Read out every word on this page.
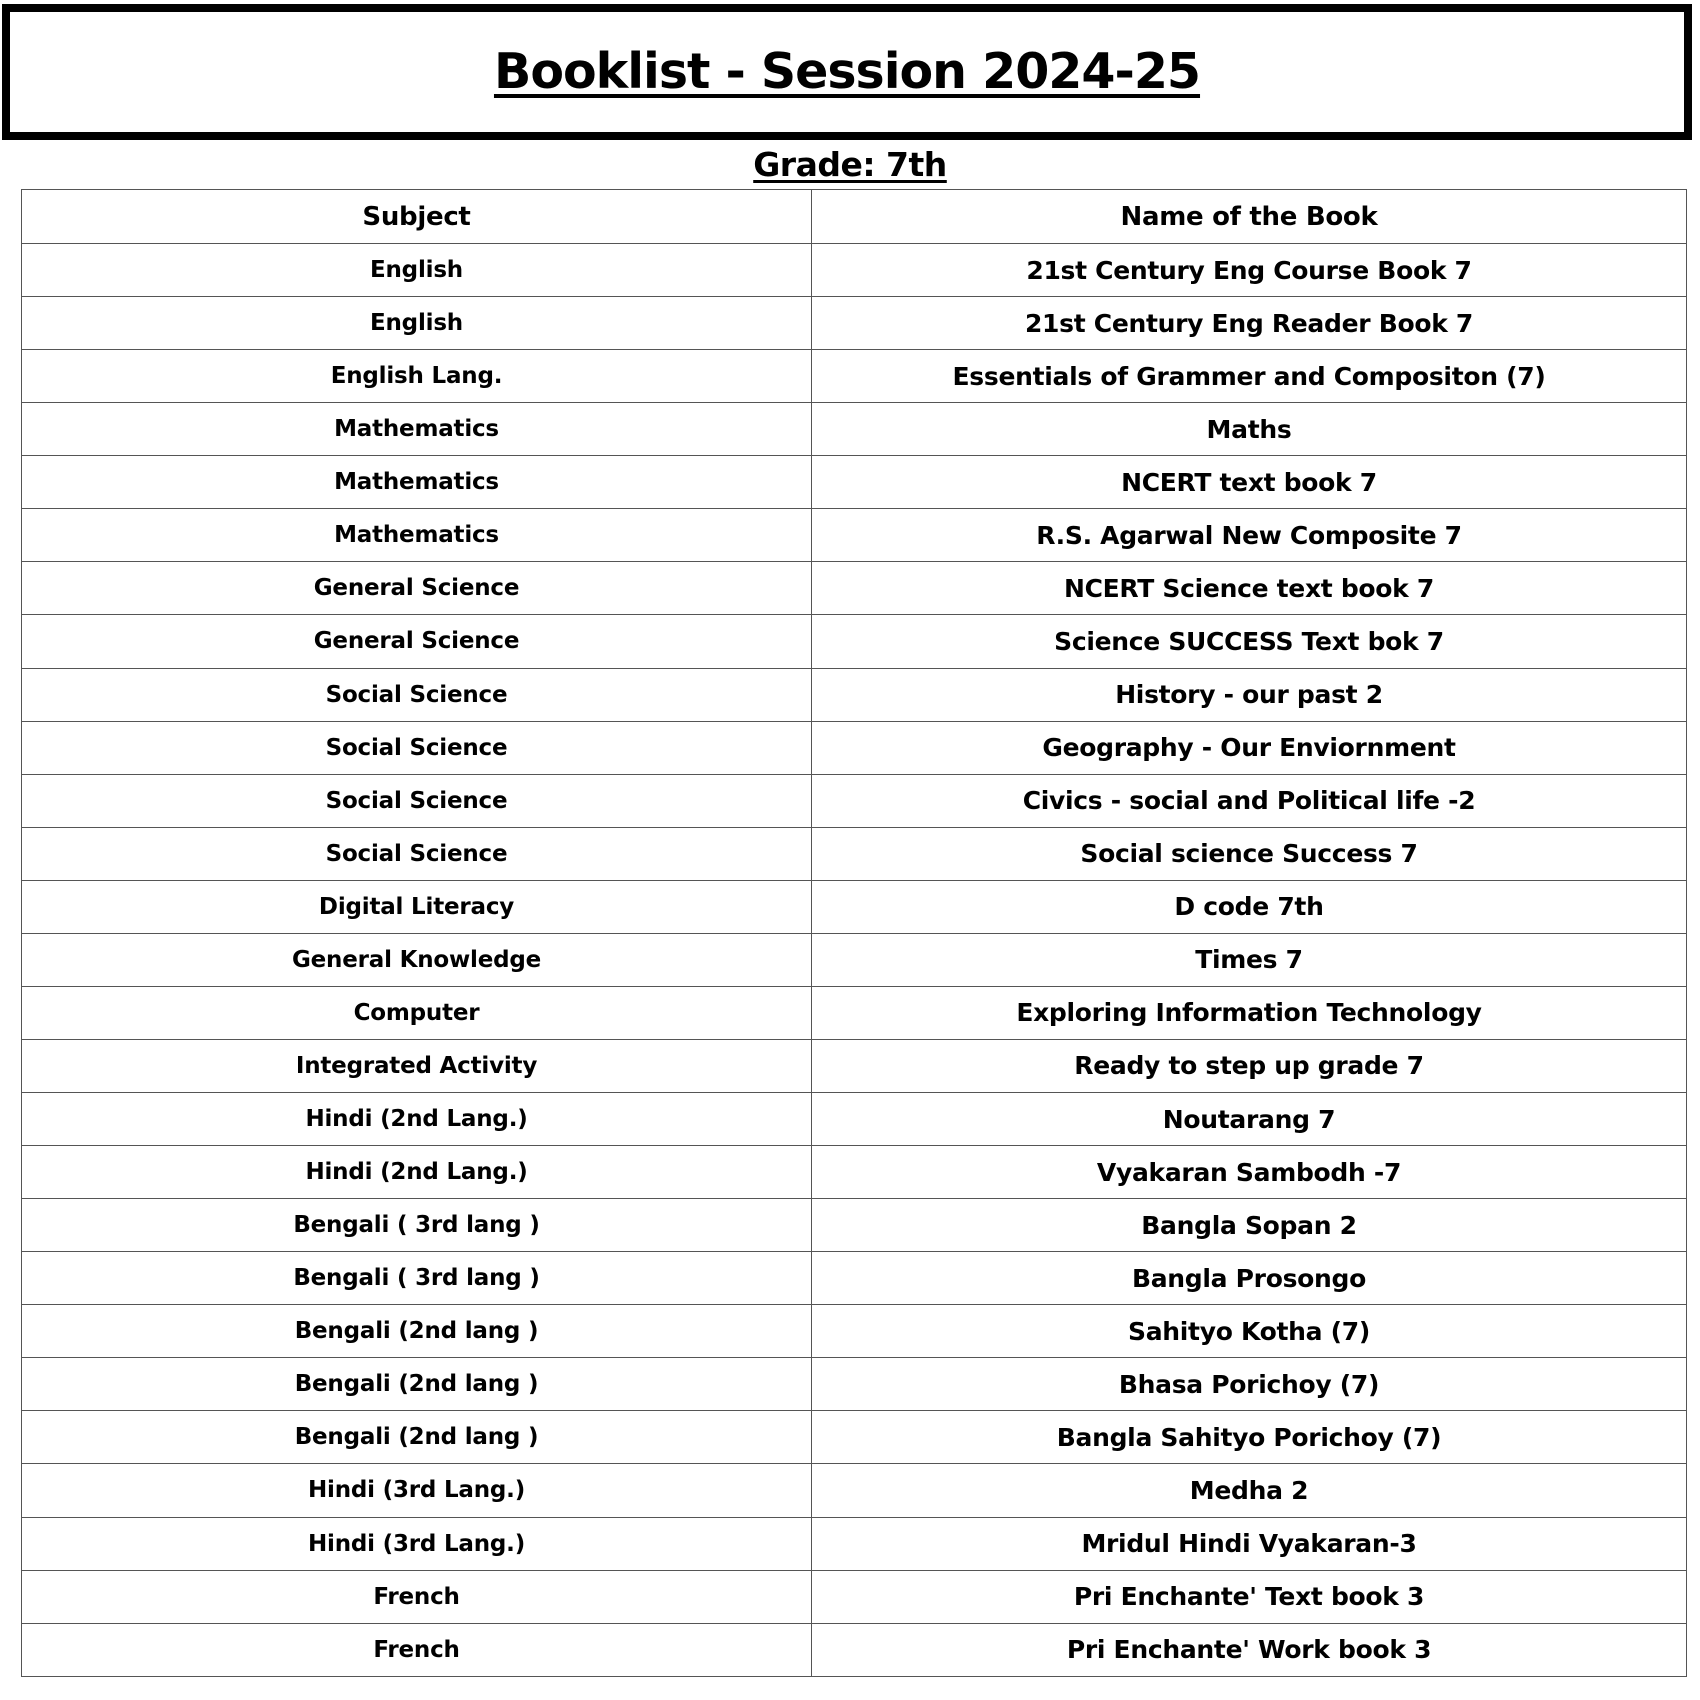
Booklist - Session 2024-25
Grade: 7th
Subject	Name of the Book
English	21st Century Eng Course Book 7
English	21st Century Eng Reader Book 7
English Lang.	Essentials of Grammer and Compositon (7)
Mathematics	Maths
Mathematics	NCERT text book 7
Mathematics	R.S. Agarwal New Composite 7
General Science	NCERT Science text book 7
General Science	Science SUCCESS Text bok 7
Social Science	History - our past 2
Social Science	Geography - Our Enviornment
Social Science	Civics - social and Political life -2
Social Science	Social science Success 7
Digital Literacy	D code 7th
General Knowledge	Times 7
Computer	Exploring Information Technology
Integrated Activity	Ready to step up grade 7
Hindi (2nd Lang.)	Noutarang 7
Hindi (2nd Lang.)	Vyakaran Sambodh -7
Bengali ( 3rd lang )	Bangla Sopan 2
Bengali ( 3rd lang )	Bangla Prosongo
Bengali (2nd lang )	Sahityo Kotha (7)
Bengali (2nd lang )	Bhasa Porichoy (7)
Bengali (2nd lang )	Bangla Sahityo Porichoy (7)
Hindi (3rd Lang.)	Medha 2
Hindi (3rd Lang.)	Mridul Hindi Vyakaran-3
French	Pri Enchante' Text book 3
French	Pri Enchante' Work book 3
